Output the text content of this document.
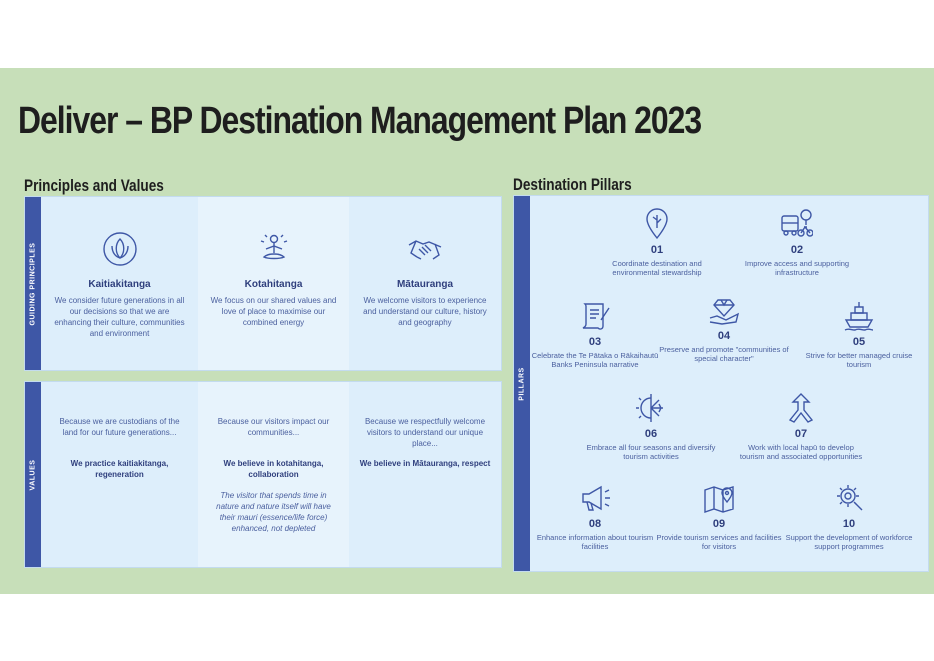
Deliver – BP Destination Management Plan 2023
Principles and Values	Destination Pillars
GUIDING PRINCIPLES	Kaitiakitanga
We consider future generations in all our decisions so that we are enhancing their culture, communities and environment
Kotahitanga
We focus on our shared values and love of place to maximise our combined energy
Mātauranga
We welcome visitors to experience and understand our culture, history and geography
VALUES
Because we are custodians of the land for our future generations...
We practice kaitiakitanga, regeneration
Because our visitors impact our communities...
We believe in kotahitanga, collaboration
The visitor that spends time in nature and nature itself will have their mauri (essence/life force) enhanced, not depleted
Because we respectfully welcome visitors to understand our unique place...
We believe in Mātauranga, respect
PILLARS
01
Coordinate destination and environmental stewardship
02
Improve access and supporting infrastructure
03
Celebrate the Te Pātaka o Rākaihautū Banks Peninsula narrative
04
Preserve and promote "communities of special character"
05
Strive for better managed cruise tourism
06
Embrace all four seasons and diversify tourism activities
07
Work with local hapū to develop tourism and associated opportunities
08
Enhance information about tourism facilities
09
Provide tourism services and facilities for visitors
10
Support the development of workforce support programmes
